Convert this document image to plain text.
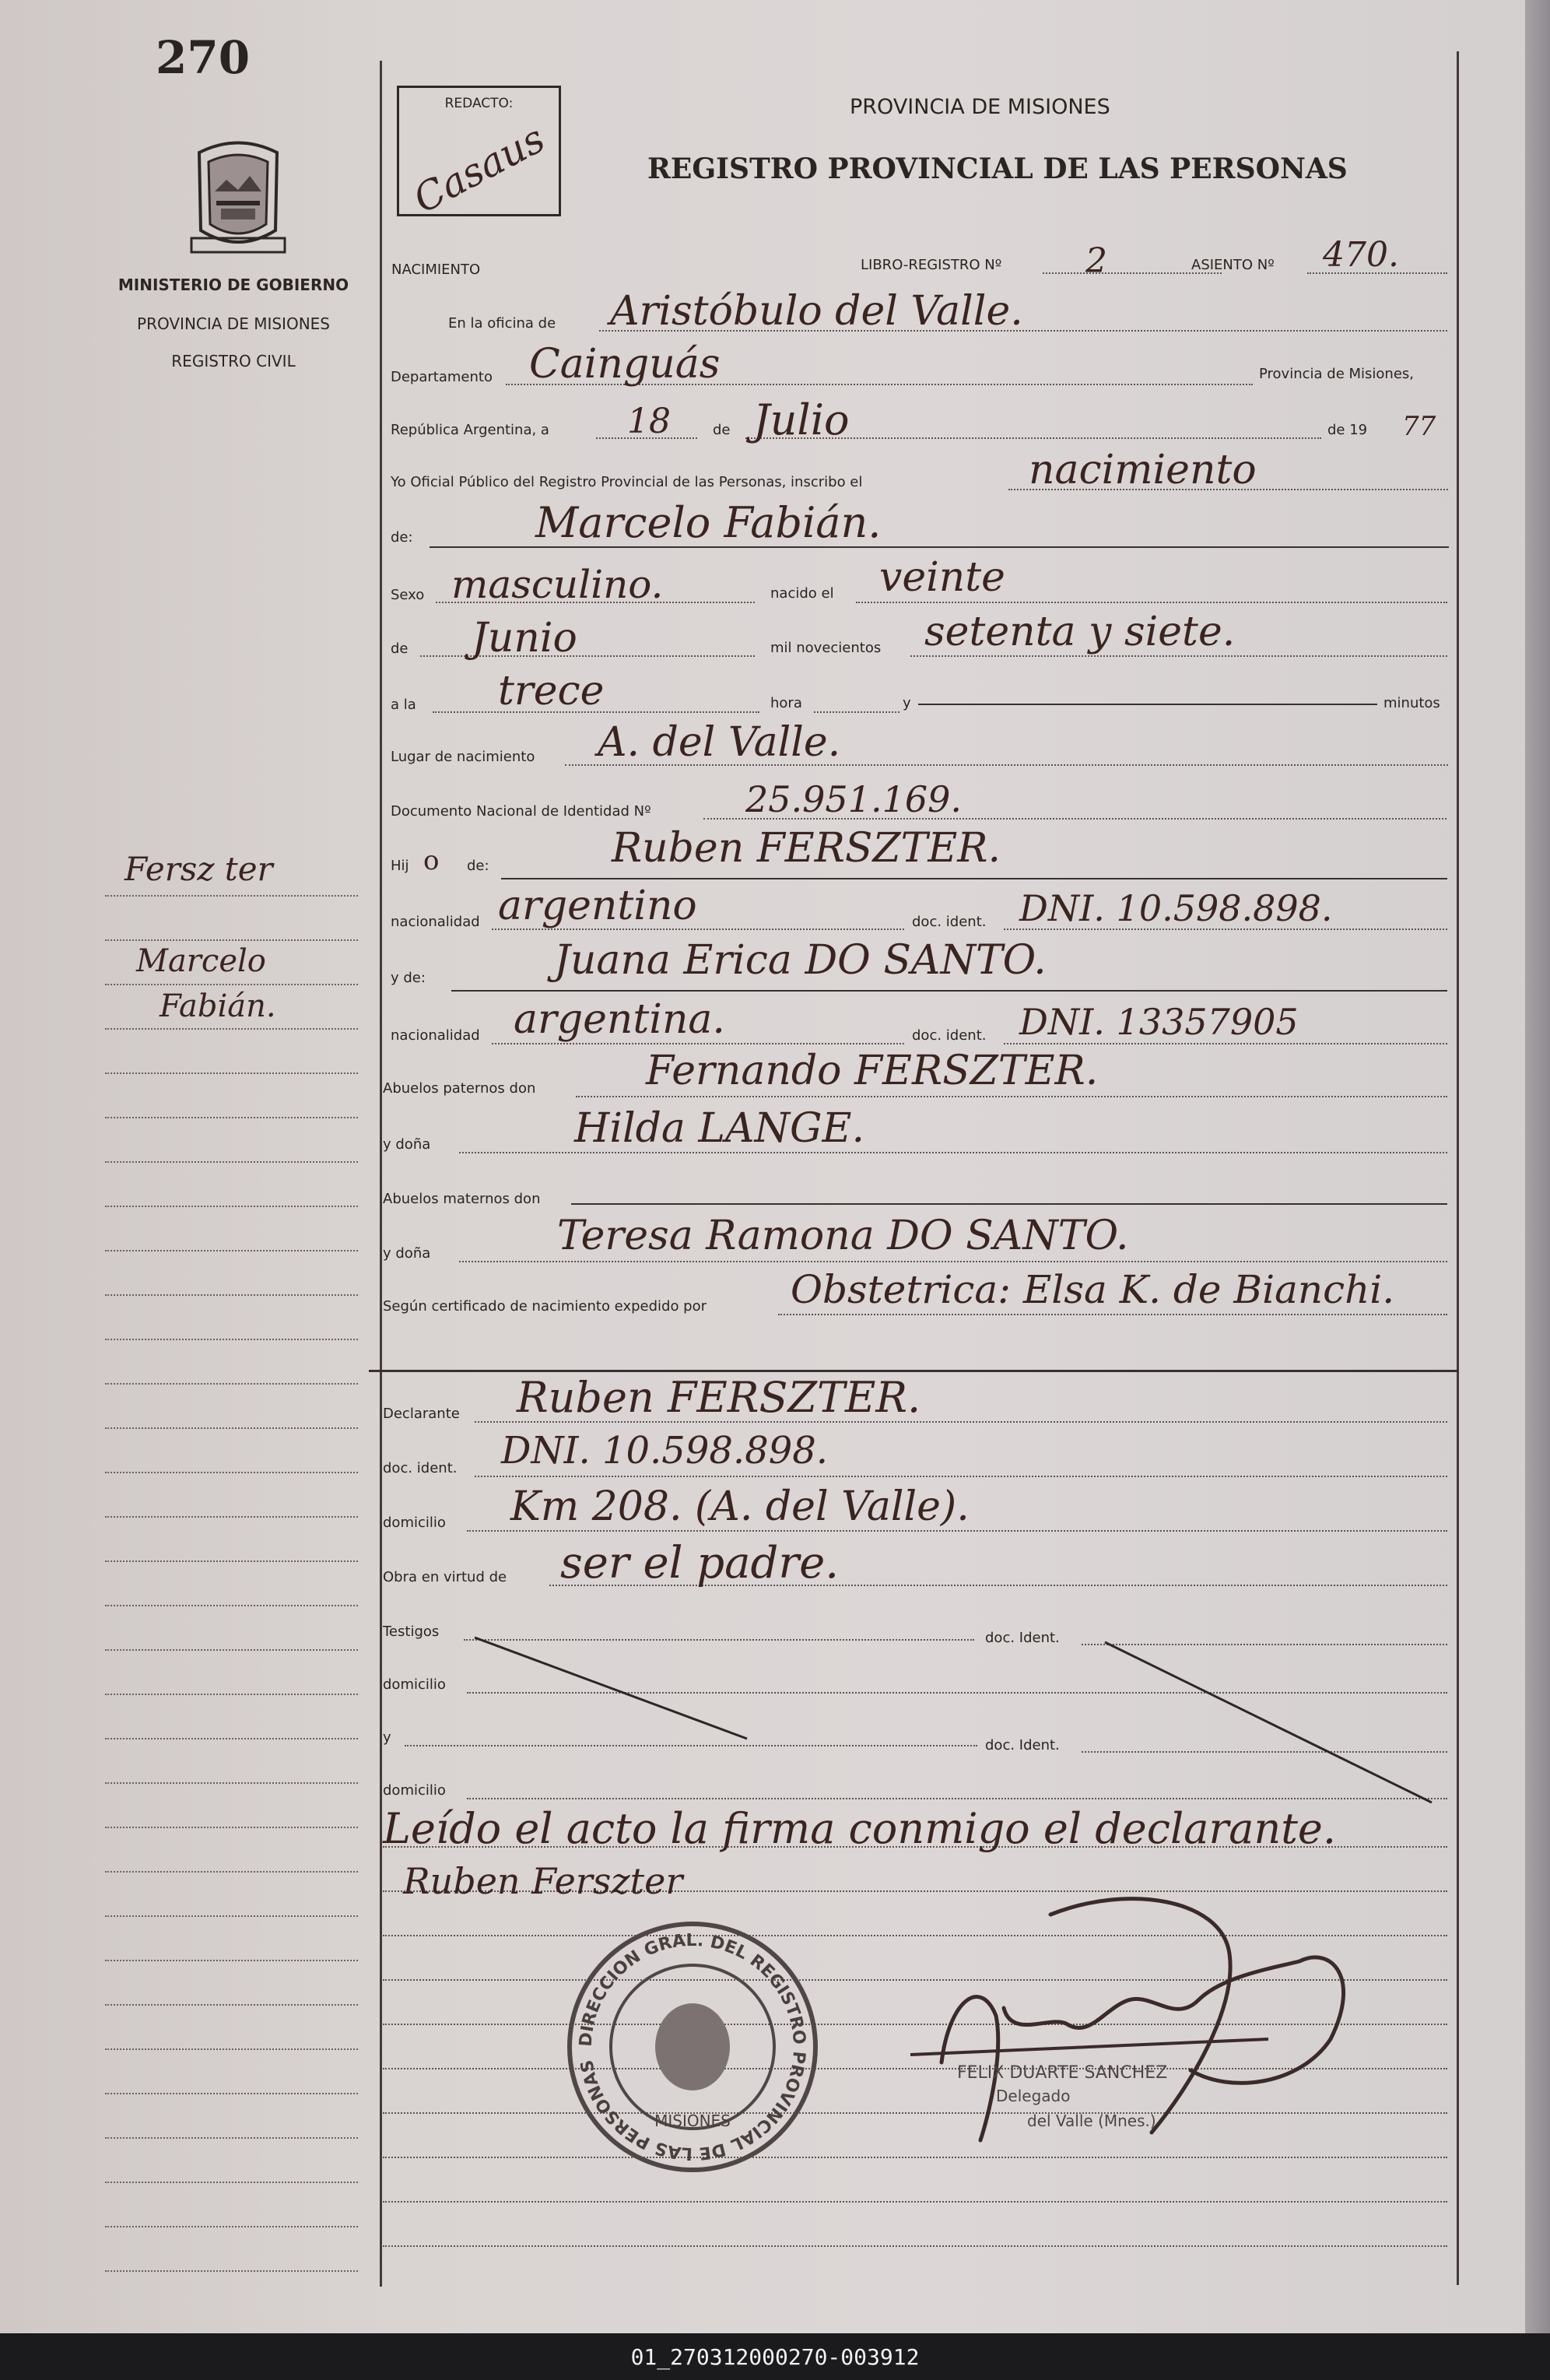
270
MINISTERIO DE GOBIERNO
PROVINCIA DE MISIONES
REGISTRO CIVIL
Fersz ter
Marcelo
Fabián.
REDACTO:
Casaus
PROVINCIA DE MISIONES
REGISTRO PROVINCIAL DE LAS PERSONAS
NACIMIENTO	LIBRO-REGISTRO Nº 2	ASIENTO Nº 470.
En la oficina de Aristóbulo del Valle.
Departamento Cainguás	Provincia de Misiones,
República Argentina, a 18	de Julio	de 19 77
Yo Oficial Público del Registro Provincial de las Personas, inscribo el	nacimiento
de:	Marcelo Fabián.
Sexo masculino.	nacido el veinte
de Junio	mil novecientos setenta y siete.
a la trece	hora	y	minutos
Lugar de nacimiento A. del Valle.
Documento Nacional de Identidad Nº	25.951.169.
Hij o de:	Ruben FERSZTER.
nacionalidad argentino	doc. ident. DNI. 10.598.898.
y de:	Juana Erica DO SANTO.
nacionalidad argentina.	doc. ident. DNI. 13357905
Abuelos paternos don	Fernando FERSZTER.
y doña	Hilda LANGE.
Abuelos maternos don
y doña	Teresa Ramona DO SANTO.
Según certificado de nacimiento expedido por Obstetrica: Elsa K. de Bianchi.
Declarante Ruben FERSZTER.
doc. ident. DNI. 10.598.898.
domicilio Km 208. (A. del Valle).
Obra en virtud de ser el padre.
Testigos	doc. Ident.
domicilio
y	doc. Ident.
domicilio
Leído el acto la firma conmigo el declarante.
Ruben Ferszter
DIRECCION GRAL. DEL REGISTRO PROVINCIAL DE LAS PERSONAS
MISIONES
FELIX DUARTE SANCHEZ
Delegado
del Valle (Mnes.)
01_270312000270-003912
